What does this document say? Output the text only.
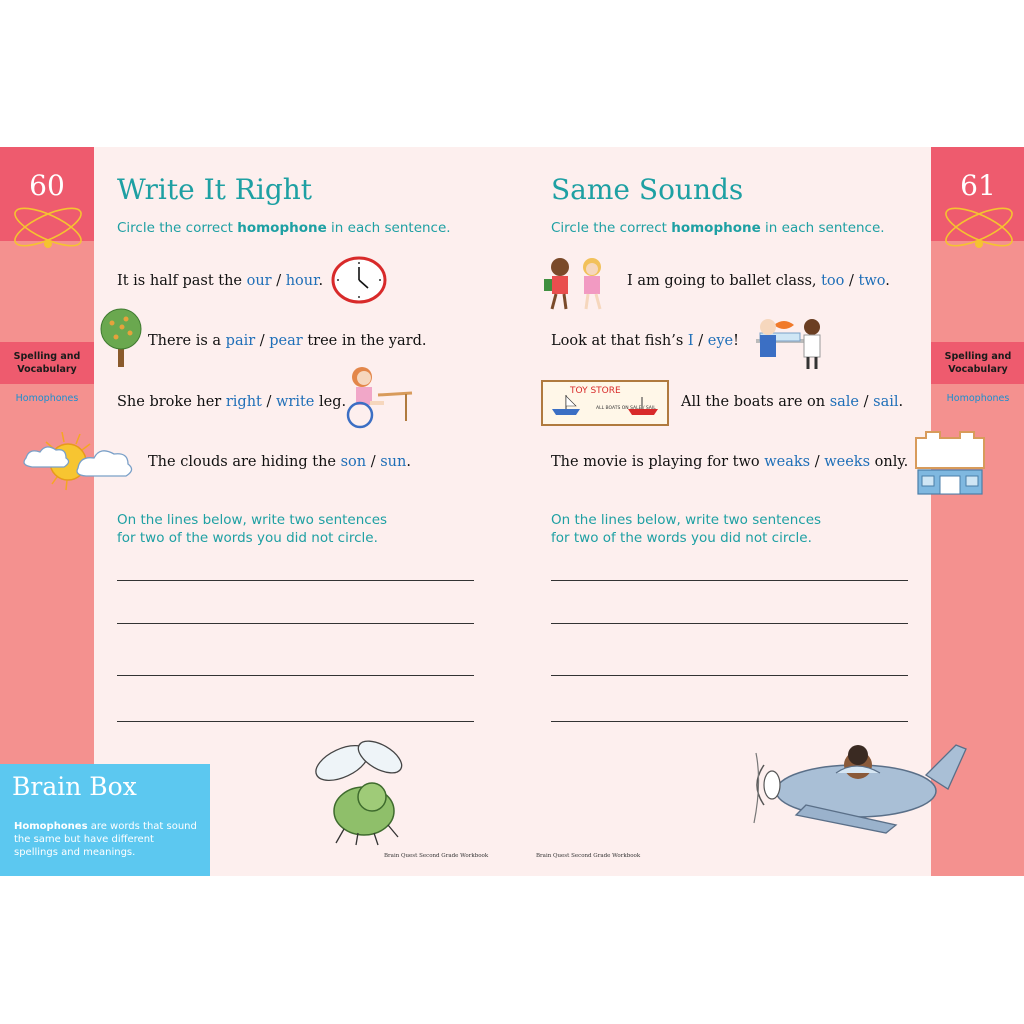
60
Spelling and Vocabulary
Homophones
Brain Box
Homophones are words that sound the same but have different spellings and meanings.
61
Spelling and Vocabulary
Homophones
Write It Right
Circle the correct homophone in each sentence.
It is half past the our / hour.
There is a pair / pear tree in the yard.
She broke her right / write leg.
The clouds are hiding the son / sun.
On the lines below, write two sentences
for two of the words you did not circle.
Brain Quest Second Grade Workbook
Same Sounds
Circle the correct homophone in each sentence.
I am going to ballet class, too / two.
Look at that fish’s I / eye!
All the boats are on sale / sail.
The movie is playing for two weaks / weeks only.
TOY STORE
ALL BOATS ON SALE / SAIL
On the lines below, write two sentences
for two of the words you did not circle.
Brain Quest Second Grade Workbook
